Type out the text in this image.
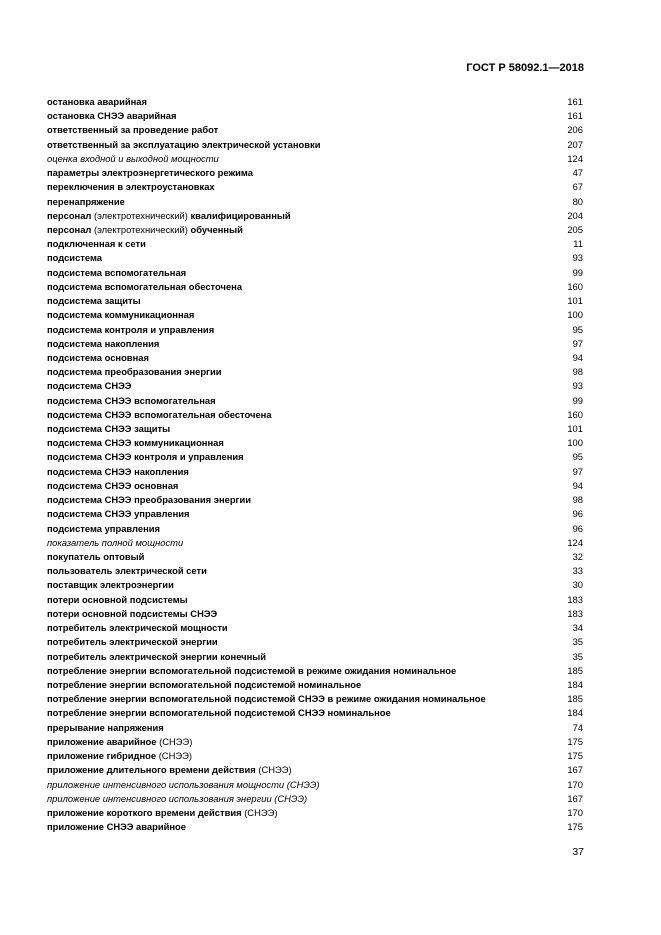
ГОСТ Р 58092.1—2018
остановка аварийная	161
остановка СНЭЭ аварийная	161
ответственный за проведение работ	206
ответственный за эксплуатацию электрической установки	207
оценка входной и выходной мощности	124
параметры электроэнергетического режима	47
переключения в электроустановках	67
перенапряжение	80
персонал (электротехнический) квалифицированный	204
персонал (электротехнический) обученный	205
подключенная к сети	11
подсистема	93
подсистема вспомогательная	99
подсистема вспомогательная обесточена	160
подсистема защиты	101
подсистема коммуникационная	100
подсистема контроля и управления	95
подсистема накопления	97
подсистема основная	94
подсистема преобразования энергии	98
подсистема СНЭЭ	93
подсистема СНЭЭ вспомогательная	99
подсистема СНЭЭ вспомогательная обесточена	160
подсистема СНЭЭ защиты	101
подсистема СНЭЭ коммуникационная	100
подсистема СНЭЭ контроля и управления	95
подсистема СНЭЭ накопления	97
подсистема СНЭЭ основная	94
подсистема СНЭЭ преобразования энергии	98
подсистема СНЭЭ управления	96
подсистема управления	96
показатель полной мощности	124
покупатель оптовый	32
пользователь электрической сети	33
поставщик электроэнергии	30
потери основной подсистемы	183
потери основной подсистемы СНЭЭ	183
потребитель электрической мощности	34
потребитель электрической энергии	35
потребитель электрической энергии конечный	35
потребление энергии вспомогательной подсистемой в режиме ожидания номинальное	185
потребление энергии вспомогательной подсистемой номинальное	184
потребление энергии вспомогательной подсистемой СНЭЭ в режиме ожидания номинальное	185
потребление энергии вспомогательной подсистемой СНЭЭ номинальное	184
прерывание напряжения	74
приложение аварийное (СНЭЭ)	175
приложение гибридное (СНЭЭ)	175
приложение длительного времени действия (СНЭЭ)	167
приложение интенсивного использования мощности (СНЭЭ)	170
приложение интенсивного использования энергии (СНЭЭ)	167
приложение короткого времени действия (СНЭЭ)	170
приложение СНЭЭ аварийное	175
37
